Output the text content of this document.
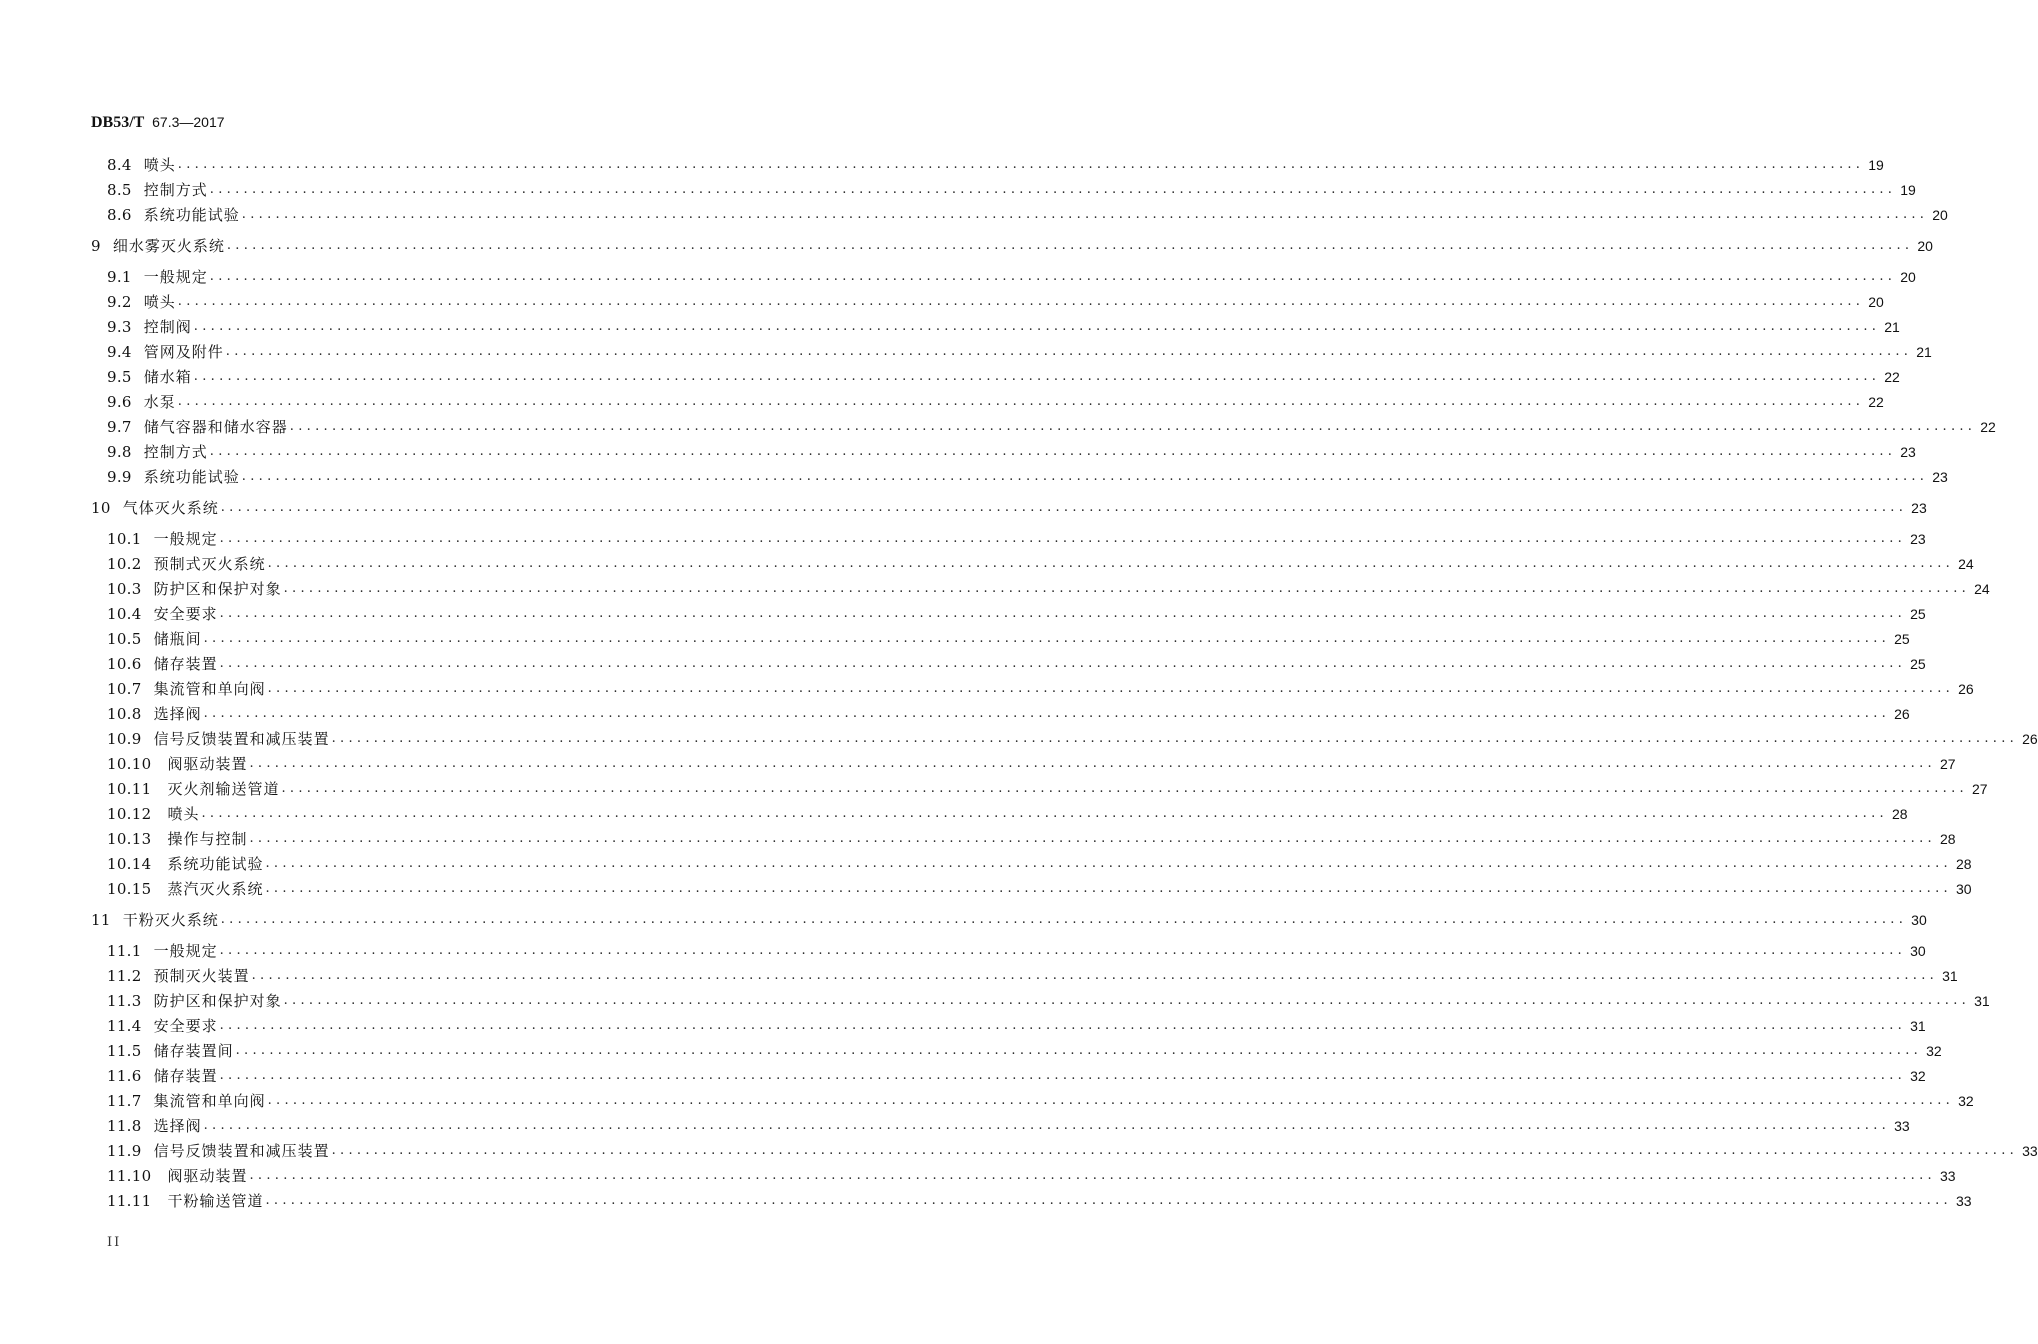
DB53/T 67.3—2017
8.4 喷头 ........................................................................................................................................................................................................ 19
8.5 控制方式 ........................................................................................................................................................................................................ 19
8.6 系统功能试验 ........................................................................................................................................................................................................ 20
9 细水雾灭火系统 ........................................................................................................................................................................................................ 20
9.1 一般规定 ........................................................................................................................................................................................................ 20
9.2 喷头 ........................................................................................................................................................................................................ 20
9.3 控制阀 ........................................................................................................................................................................................................ 21
9.4 管网及附件 ........................................................................................................................................................................................................ 21
9.5 储水箱 ........................................................................................................................................................................................................ 22
9.6 水泵 ........................................................................................................................................................................................................ 22
9.7 储气容器和储水容器 ........................................................................................................................................................................................................ 22
9.8 控制方式 ........................................................................................................................................................................................................ 23
9.9 系统功能试验 ........................................................................................................................................................................................................ 23
10 气体灭火系统 ........................................................................................................................................................................................................ 23
10.1 一般规定 ........................................................................................................................................................................................................ 23
10.2 预制式灭火系统 ........................................................................................................................................................................................................ 24
10.3 防护区和保护对象 ........................................................................................................................................................................................................ 24
10.4 安全要求 ........................................................................................................................................................................................................ 25
10.5 储瓶间 ........................................................................................................................................................................................................ 25
10.6 储存装置 ........................................................................................................................................................................................................ 25
10.7 集流管和单向阀 ........................................................................................................................................................................................................ 26
10.8 选择阀 ........................................................................................................................................................................................................ 26
10.9 信号反馈装置和减压装置 ........................................................................................................................................................................................................ 26
10.10 阀驱动装置 ........................................................................................................................................................................................................ 27
10.11 灭火剂输送管道 ........................................................................................................................................................................................................ 27
10.12 喷头 ........................................................................................................................................................................................................ 28
10.13 操作与控制 ........................................................................................................................................................................................................ 28
10.14 系统功能试验 ........................................................................................................................................................................................................ 28
10.15 蒸汽灭火系统 ........................................................................................................................................................................................................ 30
11 干粉灭火系统 ........................................................................................................................................................................................................ 30
11.1 一般规定 ........................................................................................................................................................................................................ 30
11.2 预制灭火装置 ........................................................................................................................................................................................................ 31
11.3 防护区和保护对象 ........................................................................................................................................................................................................ 31
11.4 安全要求 ........................................................................................................................................................................................................ 31
11.5 储存装置间 ........................................................................................................................................................................................................ 32
11.6 储存装置 ........................................................................................................................................................................................................ 32
11.7 集流管和单向阀 ........................................................................................................................................................................................................ 32
11.8 选择阀 ........................................................................................................................................................................................................ 33
11.9 信号反馈装置和减压装置 ........................................................................................................................................................................................................ 33
11.10 阀驱动装置 ........................................................................................................................................................................................................ 33
11.11 干粉输送管道 ........................................................................................................................................................................................................ 33
II
